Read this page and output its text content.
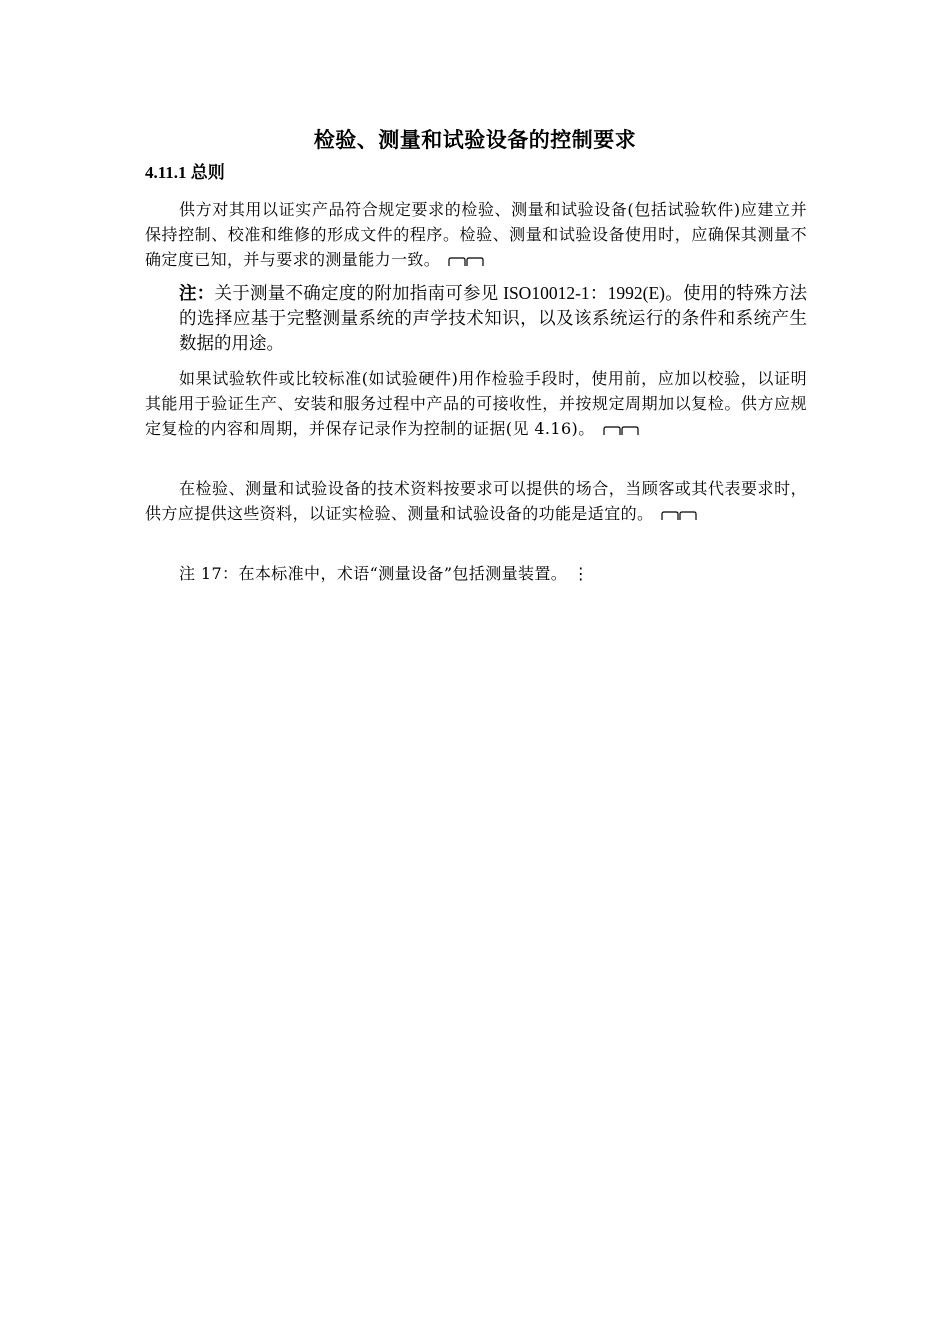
检验、测量和试验设备的控制要求
4.11.1 总则
供方对其用以证实产品符合规定要求的检验、测量和试验设备(包括试验软件)应建立并保持控制、校准和维修的形成文件的程序。检验、测量和试验设备使用时，应确保其测量不确定度已知，并与要求的测量能力一致。
注：关于测量不确定度的附加指南可参见 ISO10012-1：1992(E)。使用的特殊方法的选择应基于完整测量系统的声学技术知识，以及该系统运行的条件和系统产生数据的用途。
如果试验软件或比较标准(如试验硬件)用作检验手段时，使用前，应加以校验，以证明其能用于验证生产、安装和服务过程中产品的可接收性，并按规定周期加以复检。供方应规定复检的内容和周期，并保存记录作为控制的证据(见 4.16)。
在检验、测量和试验设备的技术资料按要求可以提供的场合，当顾客或其代表要求时，供方应提供这些资料，以证实检验、测量和试验设备的功能是适宜的。
注 17：在本标准中，术语“测量设备”包括测量装置。 ⋮
